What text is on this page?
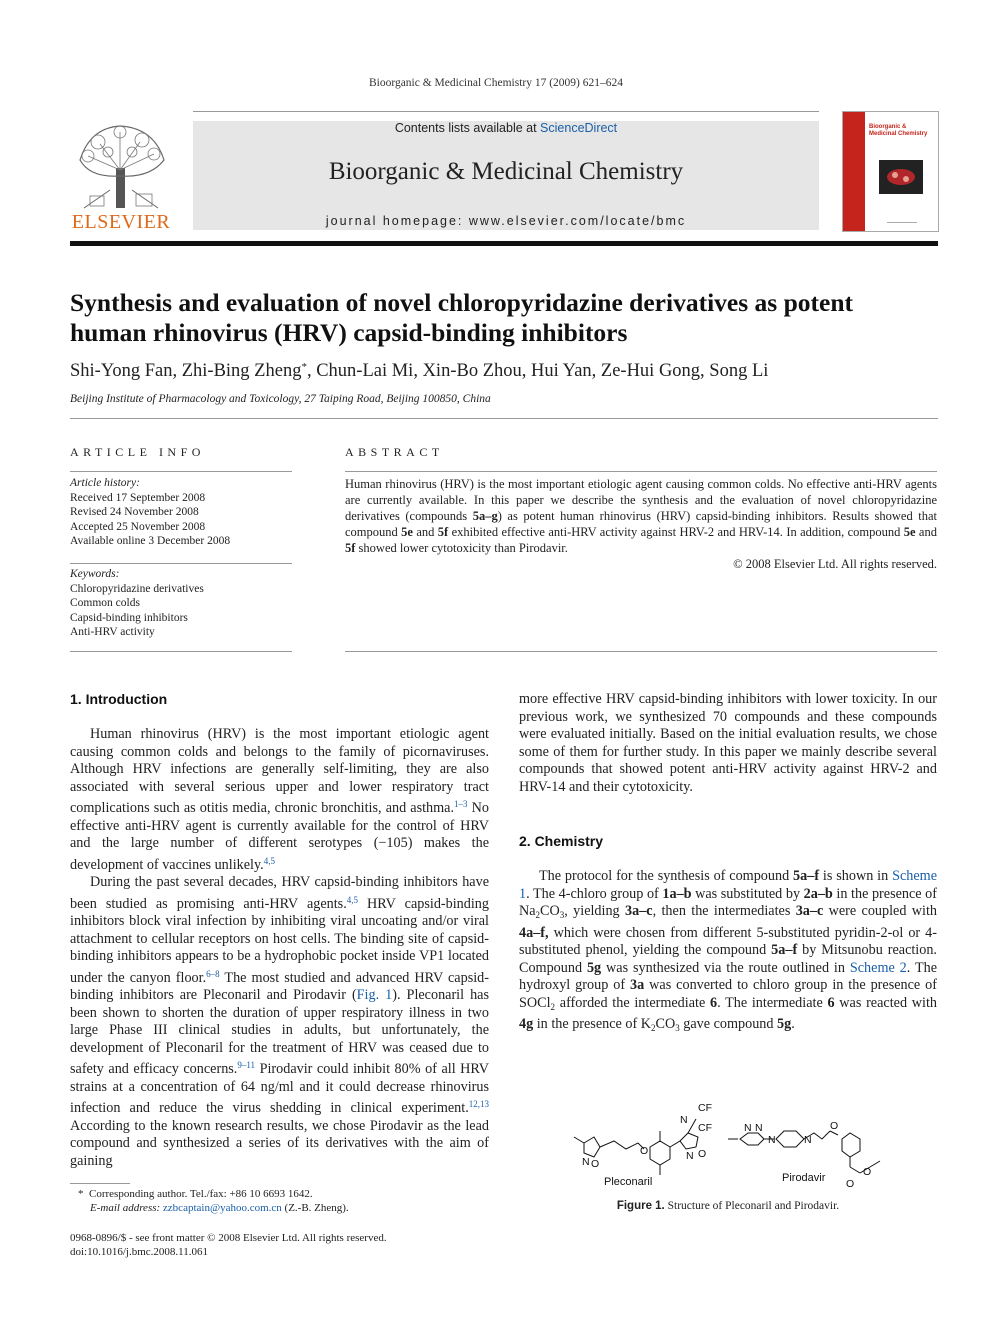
Bioorganic & Medicinal Chemistry 17 (2009) 621–624
ELSEVIER
Contents lists available at ScienceDirect
Bioorganic & Medicinal Chemistry
journal homepage: www.elsevier.com/locate/bmc
Bioorganic & Medicinal Chemistry
Synthesis and evaluation of novel chloropyridazine derivatives as potent
human rhinovirus (HRV) capsid-binding inhibitors
Shi-Yong Fan, Zhi-Bing Zheng*, Chun-Lai Mi, Xin-Bo Zhou, Hui Yan, Ze-Hui Gong, Song Li
Beijing Institute of Pharmacology and Toxicology, 27 Taiping Road, Beijing 100850, China
ARTICLE INFO
Article history:
Received 17 September 2008
Revised 24 November 2008
Accepted 25 November 2008
Available online 3 December 2008
Keywords:
Chloropyridazine derivatives
Common colds
Capsid-binding inhibitors
Anti-HRV activity
ABSTRACT
Human rhinovirus (HRV) is the most important etiologic agent causing common colds. No effective anti-HRV agents are currently available. In this paper we describe the synthesis and the evaluation of novel chloropyridazine derivatives (compounds 5a–g) as potent human rhinovirus (HRV) capsid-binding inhibitors. Results showed that compound 5e and 5f exhibited effective anti-HRV activity against HRV-2 and HRV-14. In addition, compound 5e and 5f showed lower cytotoxicity than Pirodavir.
© 2008 Elsevier Ltd. All rights reserved.
1. Introduction

Human rhinovirus (HRV) is the most important etiologic agent causing common colds and belongs to the family of picornaviruses. Although HRV infections are generally self-limiting, they are also associated with several serious upper and lower respiratory tract complications such as otitis media, chronic bronchitis, and asthma.$^{1-3}$ No effective anti-HRV agent is currently available for the control of HRV and the large number of different serotypes (−105) makes the development of vaccines unlikely.$^{4,5}$

During the past several decades, HRV capsid-binding inhibitors have been studied as promising anti-HRV agents.$^{4,5}$ HRV capsid-binding inhibitors block viral infection by inhibiting viral uncoating and/or viral attachment to cellular receptors on host cells. The binding site of capsid-binding inhibitors appears to be a hydrophobic pocket inside VP1 located under the canyon floor.$^{6-8}$ The most studied and advanced HRV capsid-binding inhibitors are Pleconaril and Pirodavir (Fig. 1). Pleconaril has been shown to shorten the duration of upper respiratory illness in two large Phase III clinical studies in adults, but unfortunately, the development of Pleconaril for the treatment of HRV was ceased due to safety and efficacy concerns.$^{9-11}$ Pirodavir could inhibit 80% of all HRV strains at a concentration of 64 ng/ml and it could decrease rhinovirus infection and reduce the virus shedding in clinical experiment.$^{12,13}$ According to the known research results, we chose Pirodavir as the lead compound and synthesized a series of its derivatives with the aim of gaining

more effective HRV capsid-binding inhibitors with lower toxicity. In our previous work, we synthesized 70 compounds and these compounds were evaluated initially. Based on the initial evaluation results, we chose some of them for further study. In this paper we mainly describe several compounds that showed potent anti-HRV activity against HRV-2 and HRV-14 and their cytotoxicity.

2. Chemistry

The protocol for the synthesis of compound 5a–f is shown in Scheme 1. The 4-chloro group of 1a–b was substituted by 2a–b in the presence of $Na_2CO_3$, yielding 3a–c, then the intermediates 3a–c were coupled with 4a–f, which were chosen from different 5-substituted pyridin-2-ol or 4-substituted phenol, yielding the compound 5a–f by Mitsunobu reaction. Compound 5g was synthesized via the route outlined in Scheme 2. The hydroxyl group of 3a was converted to chloro group in the presence of SOCl$_2$ afforded the intermediate 6. The intermediate 6 was reacted with 4g in the presence of $K_2CO_3$ gave compound 5g.

N O
O
N
CF
CF
O
N
Pleconaril
N N
N	N
O
O
O
Pirodavir
Figure 1. Structure of Pleconaril and Pirodavir.
* Corresponding author. Tel./fax: +86 10 6693 1642.
E-mail address: zzbcaptain@yahoo.com.cn (Z.-B. Zheng).
0968-0896/$ - see front matter © 2008 Elsevier Ltd. All rights reserved.
doi:10.1016/j.bmc.2008.11.061
